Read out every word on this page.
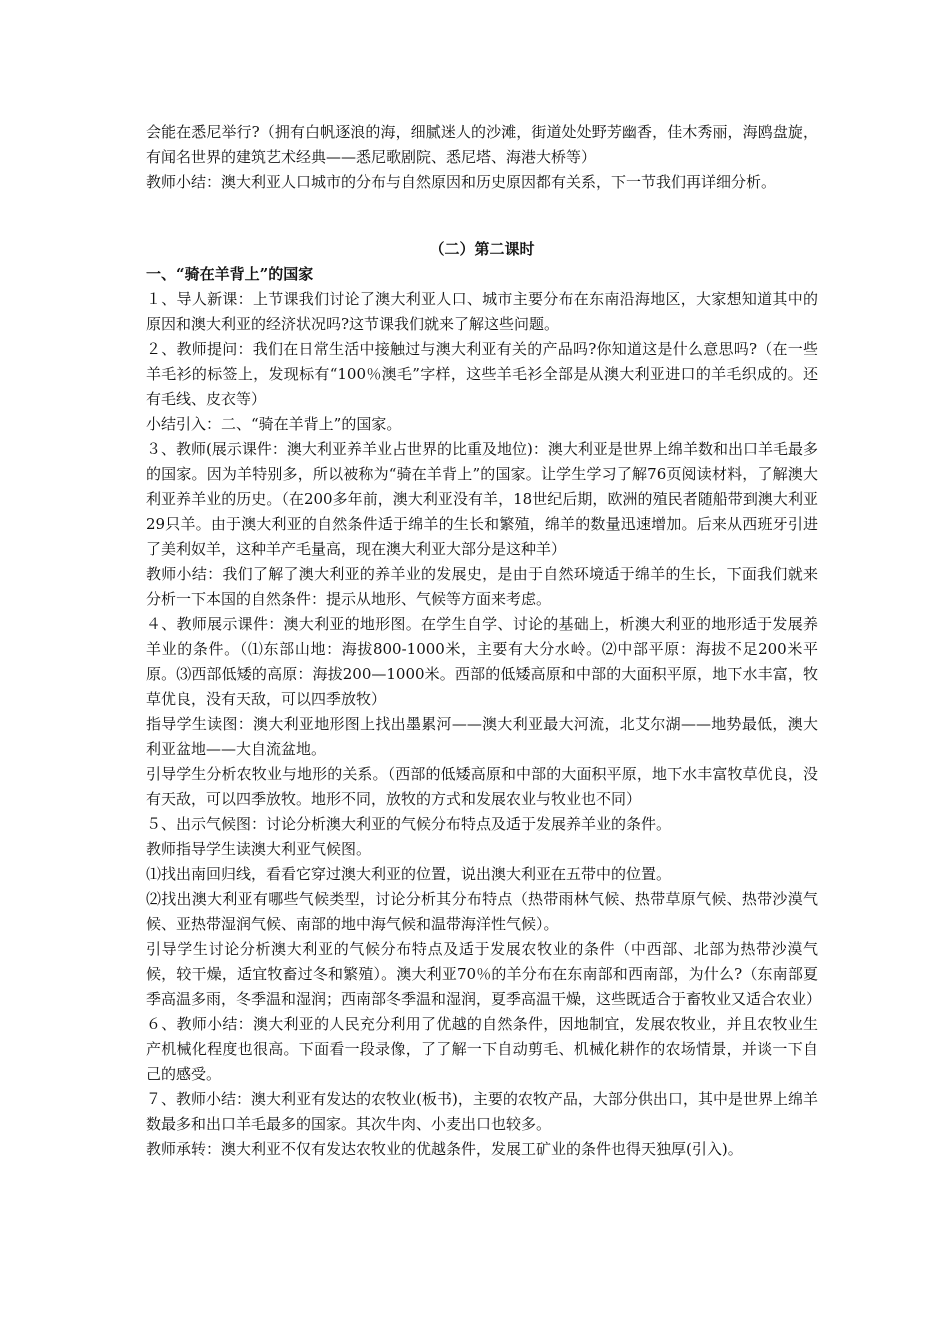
会能在悉尼举行?（拥有白帆逐浪的海，细腻迷人的沙滩，街道处处野芳幽香，佳木秀丽，海鸥盘旋，有闻名世界的建筑艺术经典——悉尼歌剧院、悉尼塔、海港大桥等）

教师小结：澳大利亚人口城市的分布与自然原因和历史原因都有关系，下一节我们再详细分析。

（二）第二课时

一、“骑在羊背上”的国家

１、导人新课：上节课我们讨论了澳大利亚人口、城市主要分布在东南沿海地区，大家想知道其中的原因和澳大利亚的经济状况吗?这节课我们就来了解这些问题。

２、教师提问：我们在日常生活中接触过与澳大利亚有关的产品吗?你知道这是什么意思吗?（在一些羊毛衫的标签上，发现标有“100％澳毛”字样，这些羊毛衫全部是从澳大利亚进口的羊毛织成的。还有毛线、皮衣等）

小结引入：二、“骑在羊背上”的国家。

３、教师(展示课件：澳大利亚养羊业占世界的比重及地位)：澳大利亚是世界上绵羊数和出口羊毛最多的国家。因为羊特别多，所以被称为“骑在羊背上”的国家。让学生学习了解76页阅读材料，了解澳大利亚养羊业的历史。（在200多年前，澳大利亚没有羊，18世纪后期，欧洲的殖民者随船带到澳大利亚29只羊。由于澳大利亚的自然条件适于绵羊的生长和繁殖，绵羊的数量迅速增加。后来从西班牙引进了美利奴羊，这种羊产毛量高，现在澳大利亚大部分是这种羊）

教师小结：我们了解了澳大利亚的养羊业的发展史，是由于自然环境适于绵羊的生长，下面我们就来分析一下本国的自然条件：提示从地形、气候等方面来考虑。

４、教师展示课件：澳大利亚的地形图。在学生自学、讨论的基础上，析澳大利亚的地形适于发展养羊业的条件。（⑴东部山地：海拔800-1000米，主要有大分水岭。⑵中部平原：海拔不足200米平原。⑶西部低矮的高原：海拔200—1000米。西部的低矮高原和中部的大面积平原，地下水丰富，牧草优良，没有天敌，可以四季放牧）

指导学生读图：澳大利亚地形图上找出墨累河——澳大利亚最大河流，北艾尔湖——地势最低，澳大利亚盆地——大自流盆地。

引导学生分析农牧业与地形的关系。（西部的低矮高原和中部的大面积平原，地下水丰富牧草优良，没有天敌，可以四季放牧。地形不同，放牧的方式和发展农业与牧业也不同）

５、出示气候图：讨论分析澳大利亚的气候分布特点及适于发展养羊业的条件。

教师指导学生读澳大利亚气候图。

⑴找出南回归线，看看它穿过澳大利亚的位置，说出澳大利亚在五带中的位置。

⑵找出澳大利亚有哪些气候类型，讨论分析其分布特点（热带雨林气候、热带草原气候、热带沙漠气候、亚热带湿润气候、南部的地中海气候和温带海洋性气候）。

引导学生讨论分析澳大利亚的气候分布特点及适于发展农牧业的条件（中西部、北部为热带沙漠气候，较干燥，适宜牧畜过冬和繁殖）。澳大利亚70％的羊分布在东南部和西南部，为什么?（东南部夏季高温多雨，冬季温和湿润；西南部冬季温和湿润，夏季高温干燥，这些既适合于畜牧业又适合农业）

６、教师小结：澳大利亚的人民充分利用了优越的自然条件，因地制宜，发展农牧业，并且农牧业生产机械化程度也很高。下面看一段录像，了了解一下自动剪毛、机械化耕作的农场情景，并谈一下自己的感受。

７、教师小结：澳大利亚有发达的农牧业(板书)，主要的农牧产品，大部分供出口，其中是世界上绵羊数最多和出口羊毛最多的国家。其次牛肉、小麦出口也较多。

教师承转：澳大利亚不仅有发达农牧业的优越条件，发展工矿业的条件也得天独厚(引入)。
